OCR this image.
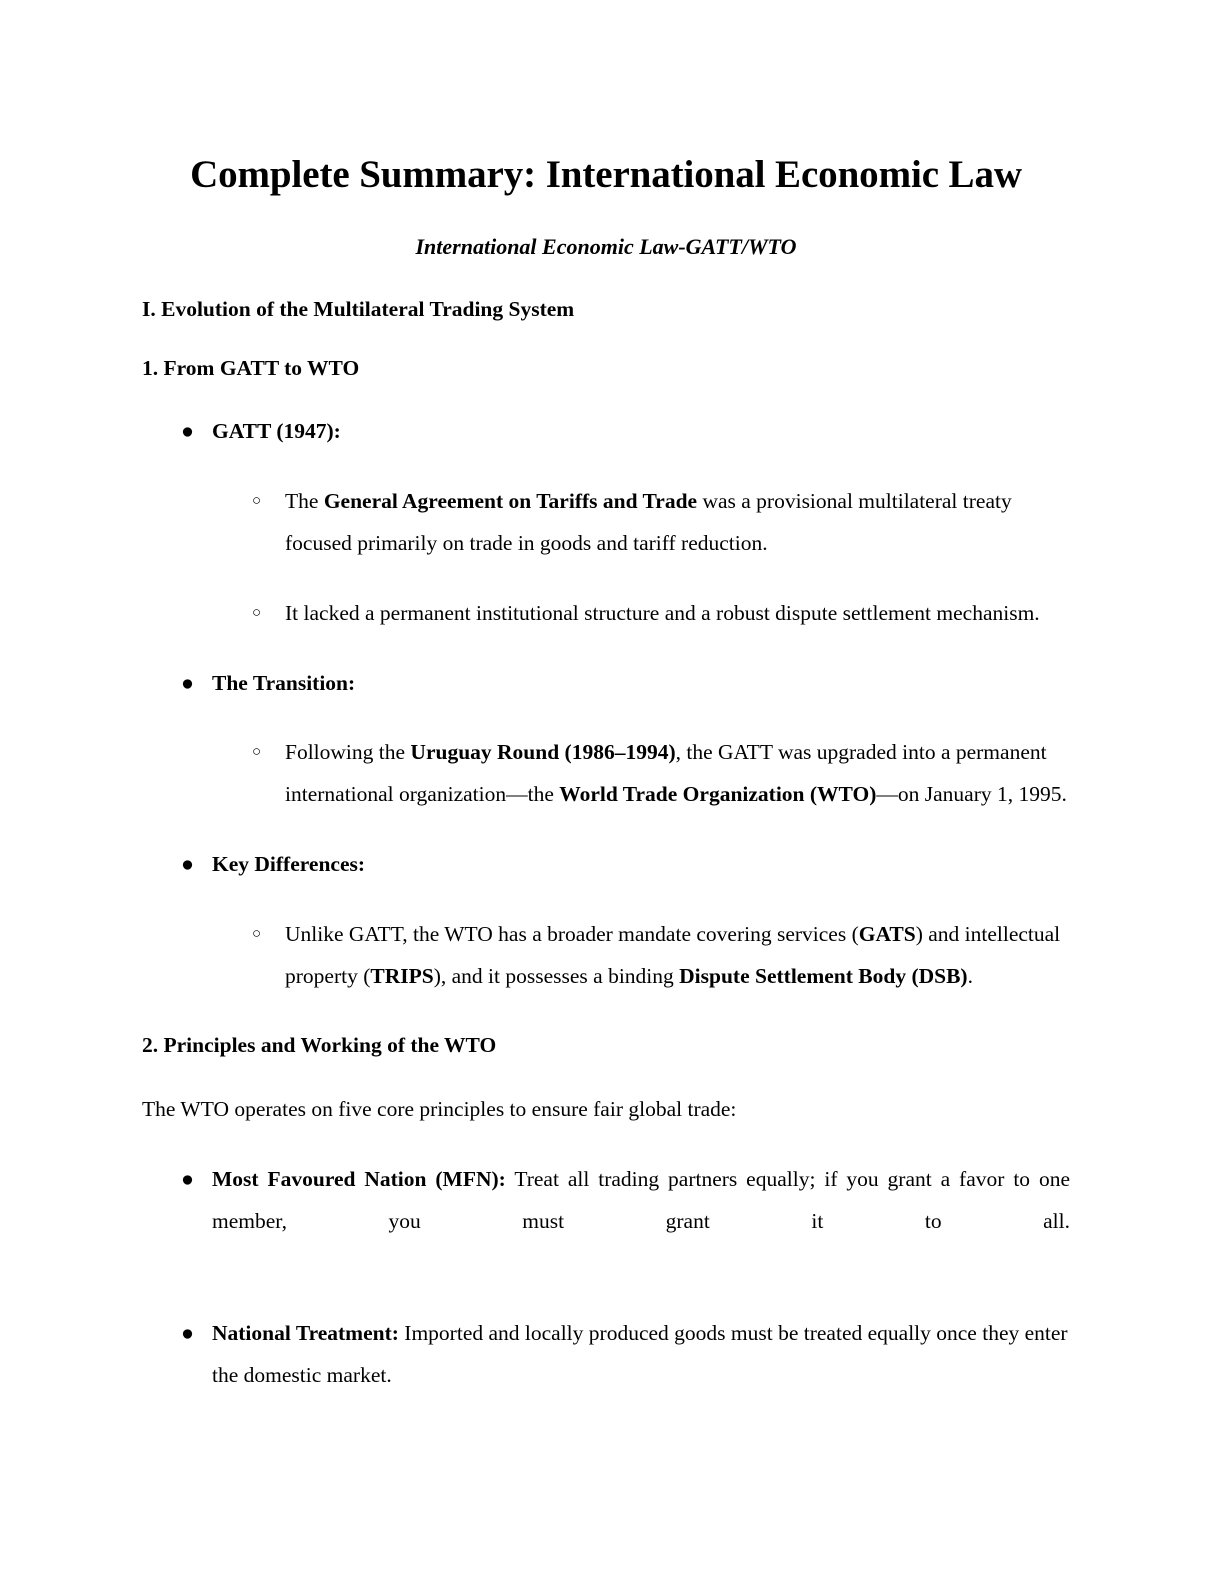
Complete Summary: International Economic Law

International Economic Law-GATT/WTO

I. Evolution of the Multilateral Trading System
1. From GATT to WTO
● GATT (1947):
○ The General Agreement on Tariffs and Trade was a provisional multilateral treaty focused primarily on trade in goods and tariff reduction.
○ It lacked a permanent institutional structure and a robust dispute settlement mechanism.
● The Transition:
○ Following the Uruguay Round (1986–1994), the GATT was upgraded into a permanent international organization—the World Trade Organization (WTO)—on January 1, 1995.
● Key Differences:
○ Unlike GATT, the WTO has a broader mandate covering services (GATS) and intellectual property (TRIPS), and it possesses a binding Dispute Settlement Body (DSB).
2. Principles and Working of the WTO

The WTO operates on five core principles to ensure fair global trade:

● Most Favoured Nation (MFN): Treat all trading partners equally; if you grant a favor to one member, you must grant it to all.
● National Treatment: Imported and locally produced goods must be treated equally once they enter the domestic market.
